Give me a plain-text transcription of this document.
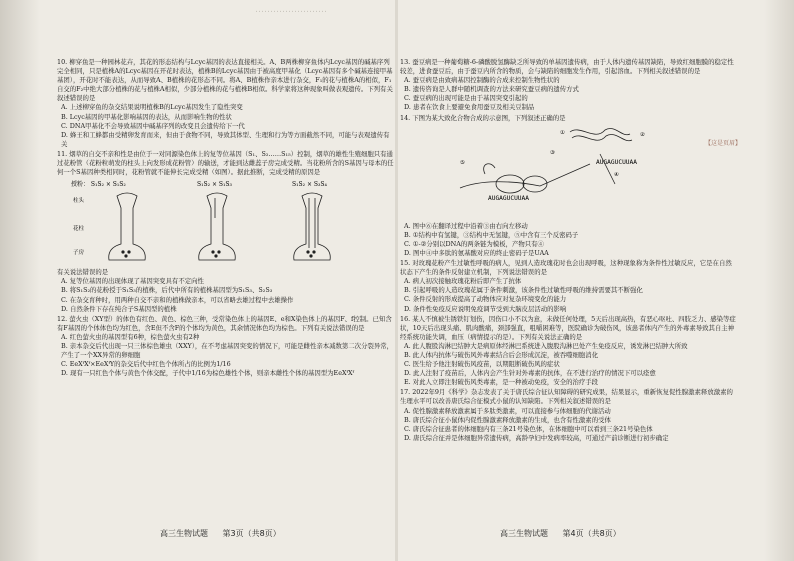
……………………
【这是页眉】
10. 柳穿鱼是一种园林花卉，其花的形态结构与Lcyc基因的表达直接相关。A、B两株柳穿鱼体内Lcyc基因的碱基序列完全相同，只是植株A的Lcyc基因在开花时表达，植株B的Lcyc基因由于被高度甲基化（Lcyc基因有多个碱基连接甲基基团），开花时不能表达，从而导致A、B植株的花形态不同。将A、B植株作亲本进行杂交，F₁的花与植株A的相似，F₁自交的F₂中绝大部分植株的花与植株A相似，少部分植株的花与植株B相似。科学家将这种现象叫做表观遗传。下列有关叙述错误的是
A. 上述柳穿鱼的杂交结果说明植株B的Lcyc基因发生了隐性突变
B. Lcyc基因的甲基化影响基因的表达，从而影响生物的性状
C. DNA甲基化不会导致基因中碱基序列的改变且会遗传给下一代
D. 蜂王和工蜂都由受精卵发育而来，但由于食物不同，导致其体型、生理和行为等方面截然不同，可能与表观遗传有关
11. 烟草的自交不亲和性是由位于一对同源染色体上的复等位基因（S₁、S₂……S₁₅）控制，烟草的雄性生殖细胞只有通过花粉管（花粉粒萌发的柱头上向发形成花粉管）的输送，才能到达雌蕊子房完成受精。当花粉所含的S基因与母本的任何一个S基因种类相同时，花粉管就不能伸长完成受精（如图）。据此推断，完成受精的原因是
授粉： S₁S₂ × S₁S₂	S₁S₂ × S₁S₃	S₁S₂ × S₃S₄
柱头
花柱
子房
有关说法错误的是
A. 复等位基因的出现体现了基因突变具有不定向性
B. 将S₁S₂的花粉授于S₁S₃的植株，后代中所有的植株基因型为S₁S₃、S₂S₃
C. 在杂交育种时，用两种自交不亲和的植株做亲本，可以省略去雄过程中去雄操作
D. 自然条件下存在纯合子S基因型的植株
12. 萤火虫（XY型）的体色有红色、黄色、棕色三种，受常染色体上的基因E、e和X染色体上的基因F、f控制。已知含有F基因的个体体色均为红色，含E但不含F的个体均为黄色，其余情况体色均为棕色。下列有关说法错误的是
A. 红色萤火虫的基因型有6种，棕色萤火虫有2种
B. 亲本杂交后代出现一只三体棕色雄虫（XXY），在不考虑基因突变的情况下，可能是雌性亲本减数第二次分裂异常，产生了一个XX异常的卵细胞
C. EeXᶠXᶠ×EeXᶠY的杂交后代中红色个体所占的比例为1/16
D. 现有一只红色个体与黄色个体交配，子代中1/16为棕色雄性个体，则亲本雌性个体的基因型为EeXᶠXᶠ
13. 蚕豆病是一种葡萄糖-6-磷酸脱氢酶缺乏所导致的单基因遗传病，由于人体内遗传基因缺陷，导致红细胞膜的稳定性较差，进食蚕豆后，由于蚕豆内所含的物质，会与缺陷的细胞发生作用，引起溶血。下列相关叙述错误的是
A. 蚕豆病是由致病基因控制酶的合成来控制生物性状的
B. 遗传咨询是人群中随机调查的方法来研究蚕豆病的遗传方式
C. 蚕豆病的出现可能是由于基因突变引起的
D. 患者在饮食上要避免食用蚕豆及相关豆制品
14. 下图为某大致化合物合成的示意图，下列叙述正确的是
⑤
③
①	②
④
AUGAGUCUUAA
AUGAGUCUUAA
A. 图中⑥在翻译过程中沿着③由右向左移动
B. ①结构中有氢键，③结构中无氢键，⑤中含有三个反密码子
C. ①-②分别以DNA的两条链为模板，产物只有④
D. 图中④中多肽的氨基酸对应的终止密码子是UAA
15. 对玫瑰花粉产生过敏性呼吸的病人，见到人造玫瑰花时也会出现呼吸，这种现象称为条件性过敏反应，它是在自然状态下产生的条件反射建立机制，下列说法错误的是
A. 病人初次接触玫瑰花粉后即产生了抗体
B. 引起呼吸的人造玫瑰花属于条件刺激，该条件性过敏性呼吸的维持需要其不断强化
C. 条件反射的形成提高了动物体应对复杂环境变化的能力
D. 条件性免疫反应说明免疫调节受到大脑皮层活动的影响
16. 某人不慎被生锈铁钉划伤，因伤口小不以为意，未做任何处理，5天后出现高热，有恶心呕吐、四肢乏力、感染等症状，10天后出现头痛、肌肉酸痛，颈部强直，咀嚼困难等，医院确诊为破伤风，该患者体内产生的外毒素导致其自主神经系统功能失调，血压（病情提示的是）。下列有关说法正确的是
A. 此人腹股沟淋巴结肿大是病原体经淋巴系统进入腹股沟淋巴处产生免疫反应，诱发淋巴结肿大所致
B. 此人体内抗体与破伤风外毒素结合后会形成沉淀，被吞噬细胞消化
C. 医生给予他注射破伤风疫苗，以期阻断破伤风的症状
D. 此人注射了疫苗后，人体内会产生针对外毒素的抗体，在不进行治疗的情况下可以痊愈
E. 对此人立即注射破伤风类毒素，是一种被动免疫，安全的治疗手段
17. 2022年9月《科学》杂志发表了关于唐氏综合征认知障碍的研究成果，结果显示，重新恢复促性腺激素释放激素的生理水平可以改善唐氏综合征模式小鼠的认知缺陷。下列相关叙述错误的是
A. 促性腺激素释放激素属于多肽类激素，可以直接参与体细胞的代谢活动
B. 唐氏综合征小鼠体内促性腺激素释放激素的生成，也含有性激素的受体
C. 唐氏综合征患者的体细胞内有三条21号染色体，在体细胞中可以看到三条21号染色体
D. 唐氏综合征并是体细胞异常遗传病，高龄孕妇中发病率较高，可通过产前诊断进行初步确定
高三生物试题 第3页（共8页）	高三生物试题 第4页（共8页）
